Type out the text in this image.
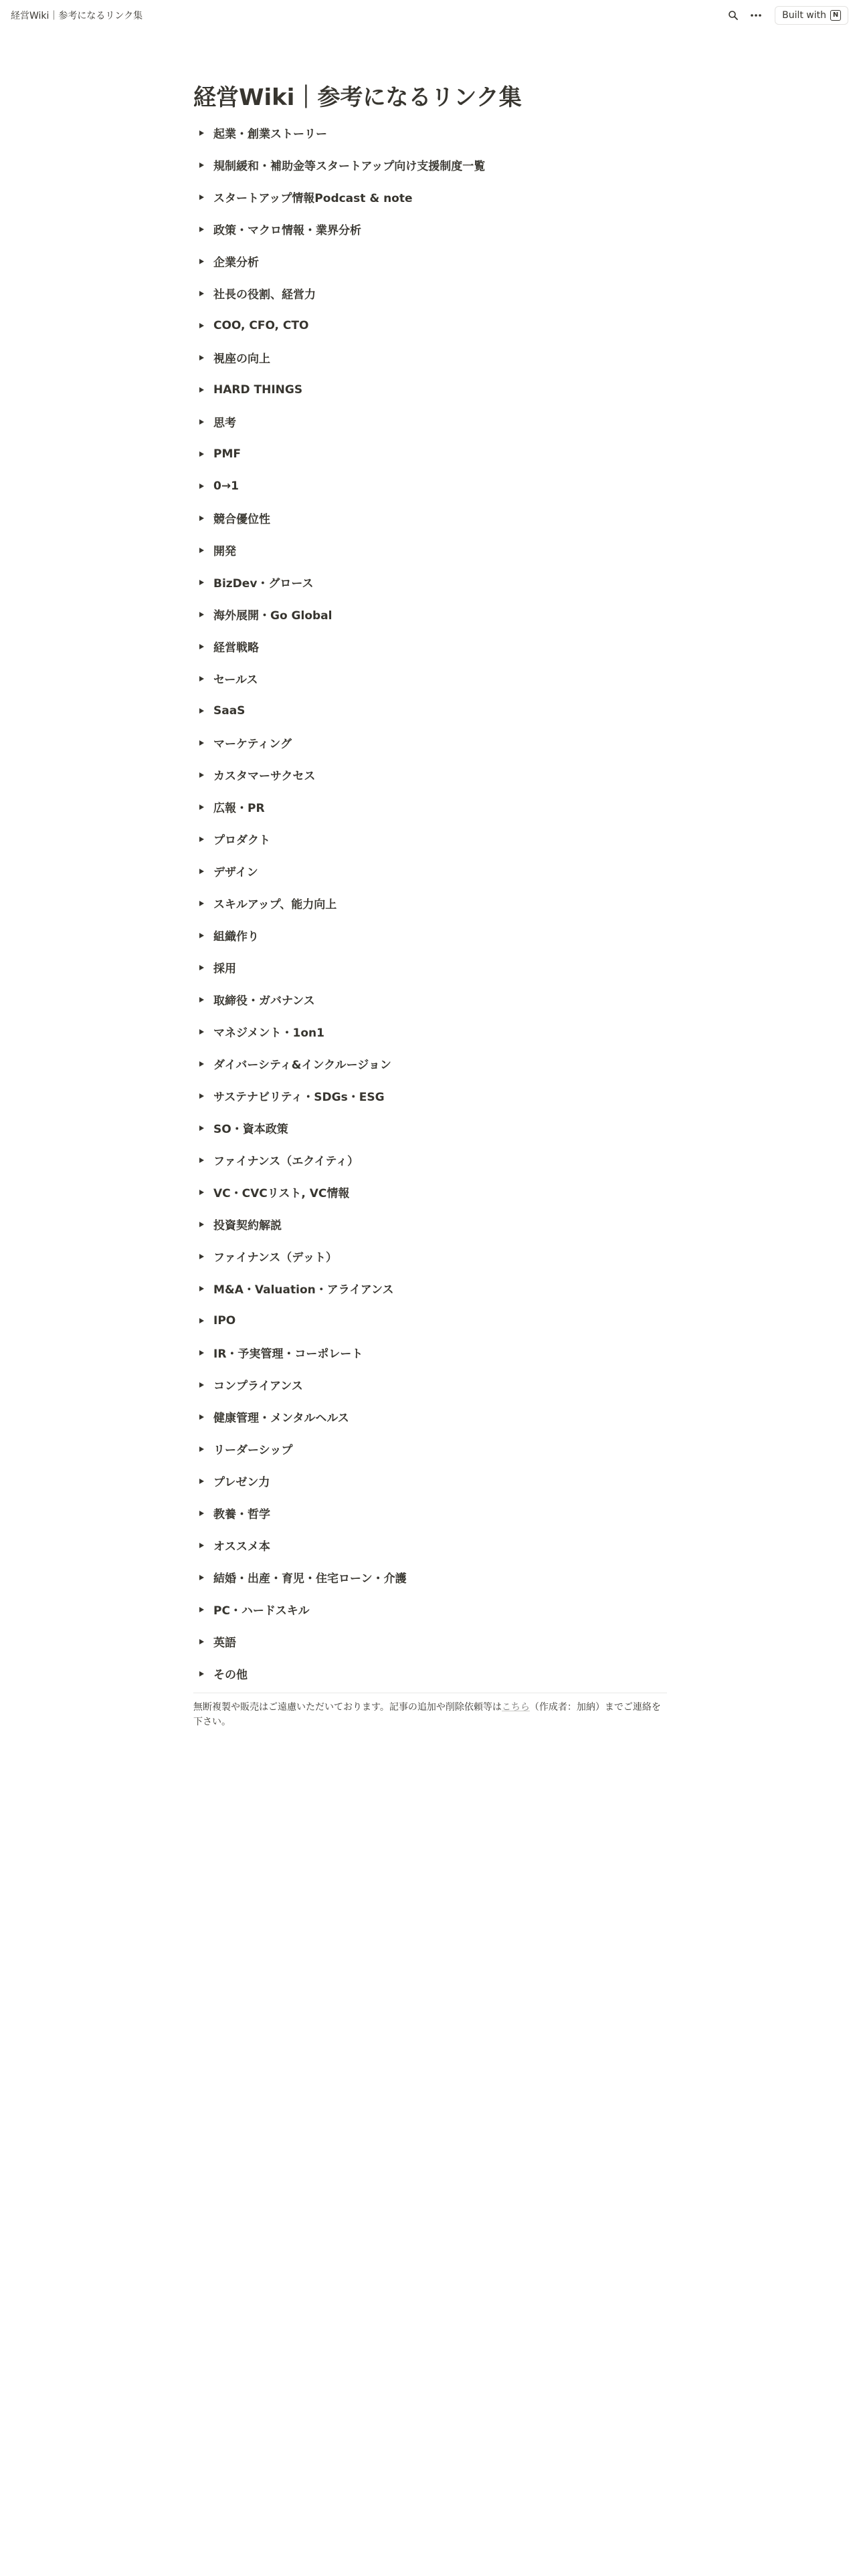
経営Wiki｜参考になるリンク集	Built with N
経営Wiki｜参考になるリンク集
起業・創業ストーリー
規制緩和・補助金等スタートアップ向け支援制度一覧
スタートアップ情報Podcast & note
政策・マクロ情報・業界分析
企業分析
社長の役割、経営力
COO, CFO, CTO
視座の向上
HARD THINGS
思考
PMF
0→1
競合優位性
開発
BizDev・グロース
海外展開・Go Global
経営戦略
セールス
SaaS
マーケティング
カスタマーサクセス
広報・PR
プロダクト
デザイン
スキルアップ、能力向上
組織作り
採用
取締役・ガバナンス
マネジメント・1on1
ダイバーシティ&インクルージョン
サステナビリティ・SDGs・ESG
SO・資本政策
ファイナンス（エクイティ）
VC・CVCリスト, VC情報
投資契約解説
ファイナンス（デット）
M&A・Valuation・アライアンス
IPO
IR・予実管理・コーポレート
コンプライアンス
健康管理・メンタルヘルス
リーダーシップ
プレゼン力
教養・哲学
オススメ本
結婚・出産・育児・住宅ローン・介護
PC・ハードスキル
英語
その他
無断複製や販売はご遠慮いただいております。記事の追加や削除依頼等はこちら（作成者：加納）までご連絡を下さい。
